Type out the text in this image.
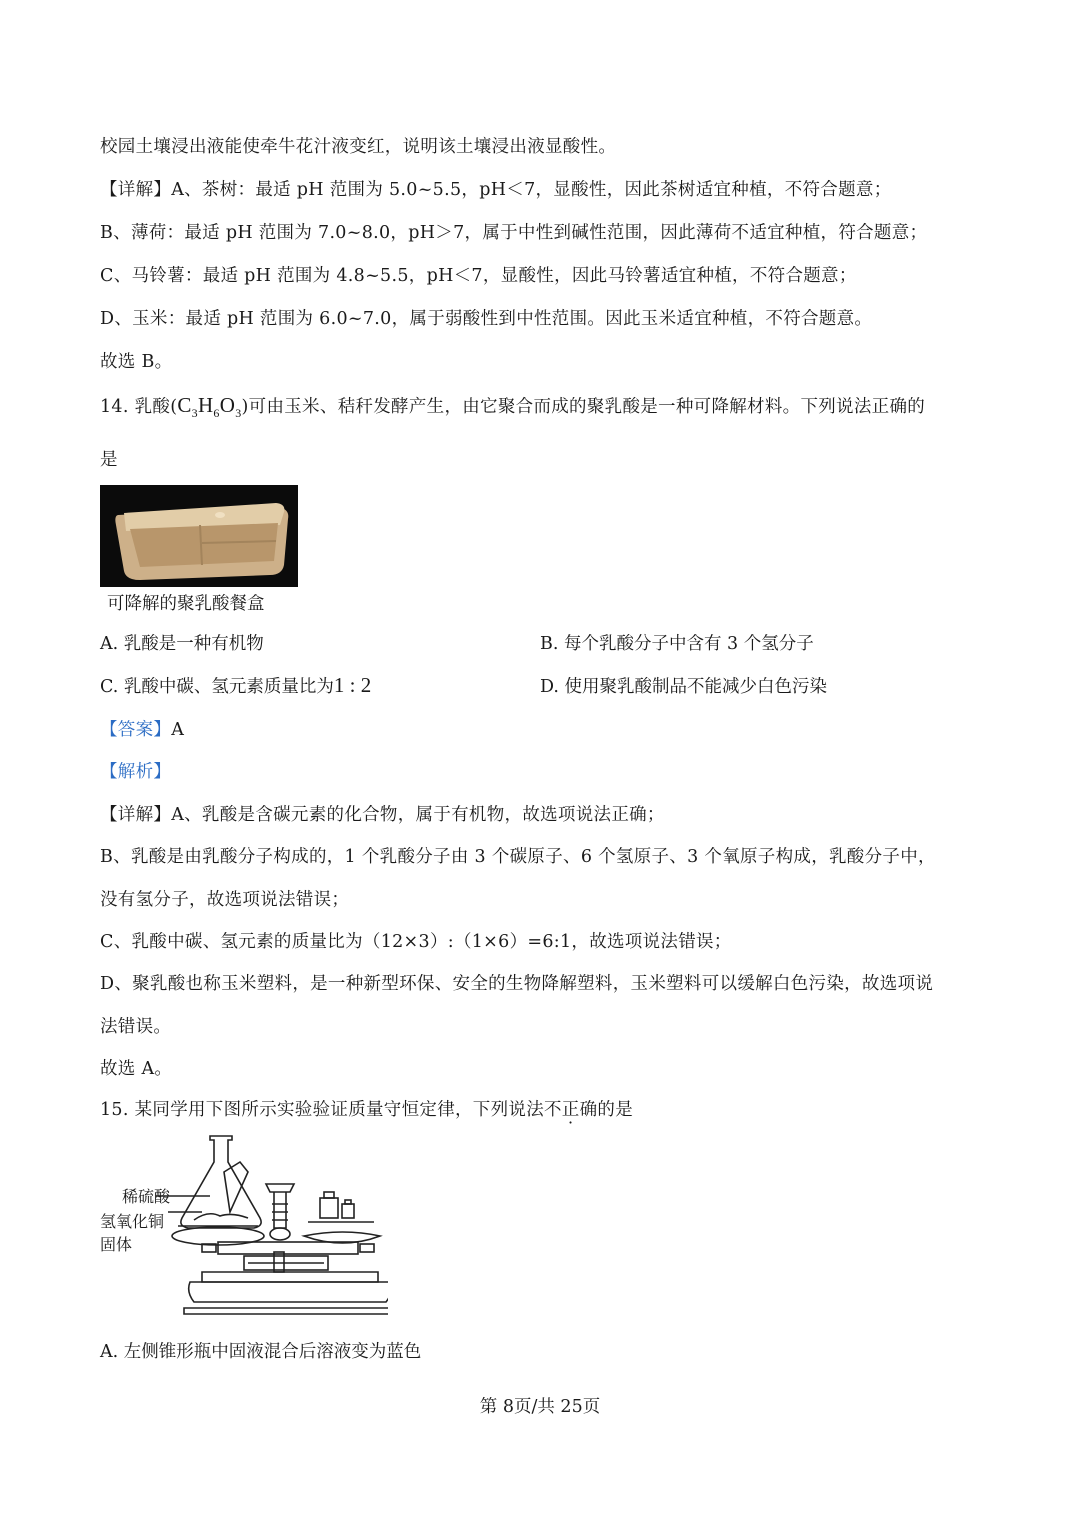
校园土壤浸出液能使牵牛花汁液变红，说明该土壤浸出液显酸性。
【详解】A、茶树：最适 pH 范围为 5.0~5.5，pH＜7，显酸性，因此茶树适宜种植，不符合题意；
B、薄荷：最适 pH 范围为 7.0~8.0，pH＞7，属于中性到碱性范围，因此薄荷不适宜种植，符合题意；
C、马铃薯：最适 pH 范围为 4.8~5.5，pH＜7，显酸性，因此马铃薯适宜种植，不符合题意；
D、玉米：最适 pH 范围为 6.0~7.0，属于弱酸性到中性范围。因此玉米适宜种植，不符合题意。
故选 B。
14. 乳酸$(C_3H_6O_3)$可由玉米、秸秆发酵产生，由它聚合而成的聚乳酸是一种可降解材料。下列说法正确的
是
可降解的聚乳酸餐盒
A. 乳酸是一种有机物	B. 每个乳酸分子中含有 3 个氢分子
C. 乳酸中碳、氢元素质量比为1 : 2	D. 使用聚乳酸制品不能减少白色污染
【答案】A
【解析】
【详解】A、乳酸是含碳元素的化合物，属于有机物，故选项说法正确；
B、乳酸是由乳酸分子构成的，1 个乳酸分子由 3 个碳原子、6 个氢原子、3 个氧原子构成，乳酸分子中，
没有氢分子，故选项说法错误；
C、乳酸中碳、氢元素的质量比为（12×3）:（1×6）=6:1，故选项说法错误；
D、聚乳酸也称玉米塑料，是一种新型环保、安全的生物降解塑料，玉米塑料可以缓解白色污染，故选项说
法错误。
故选 A。
15. 某同学用下图所示实验验证质量守恒定律，下列说法不正确的是
稀硫酸
氢氧化铜
固体
A. 左侧锥形瓶中固液混合后溶液变为蓝色
第 8页/共 25页
